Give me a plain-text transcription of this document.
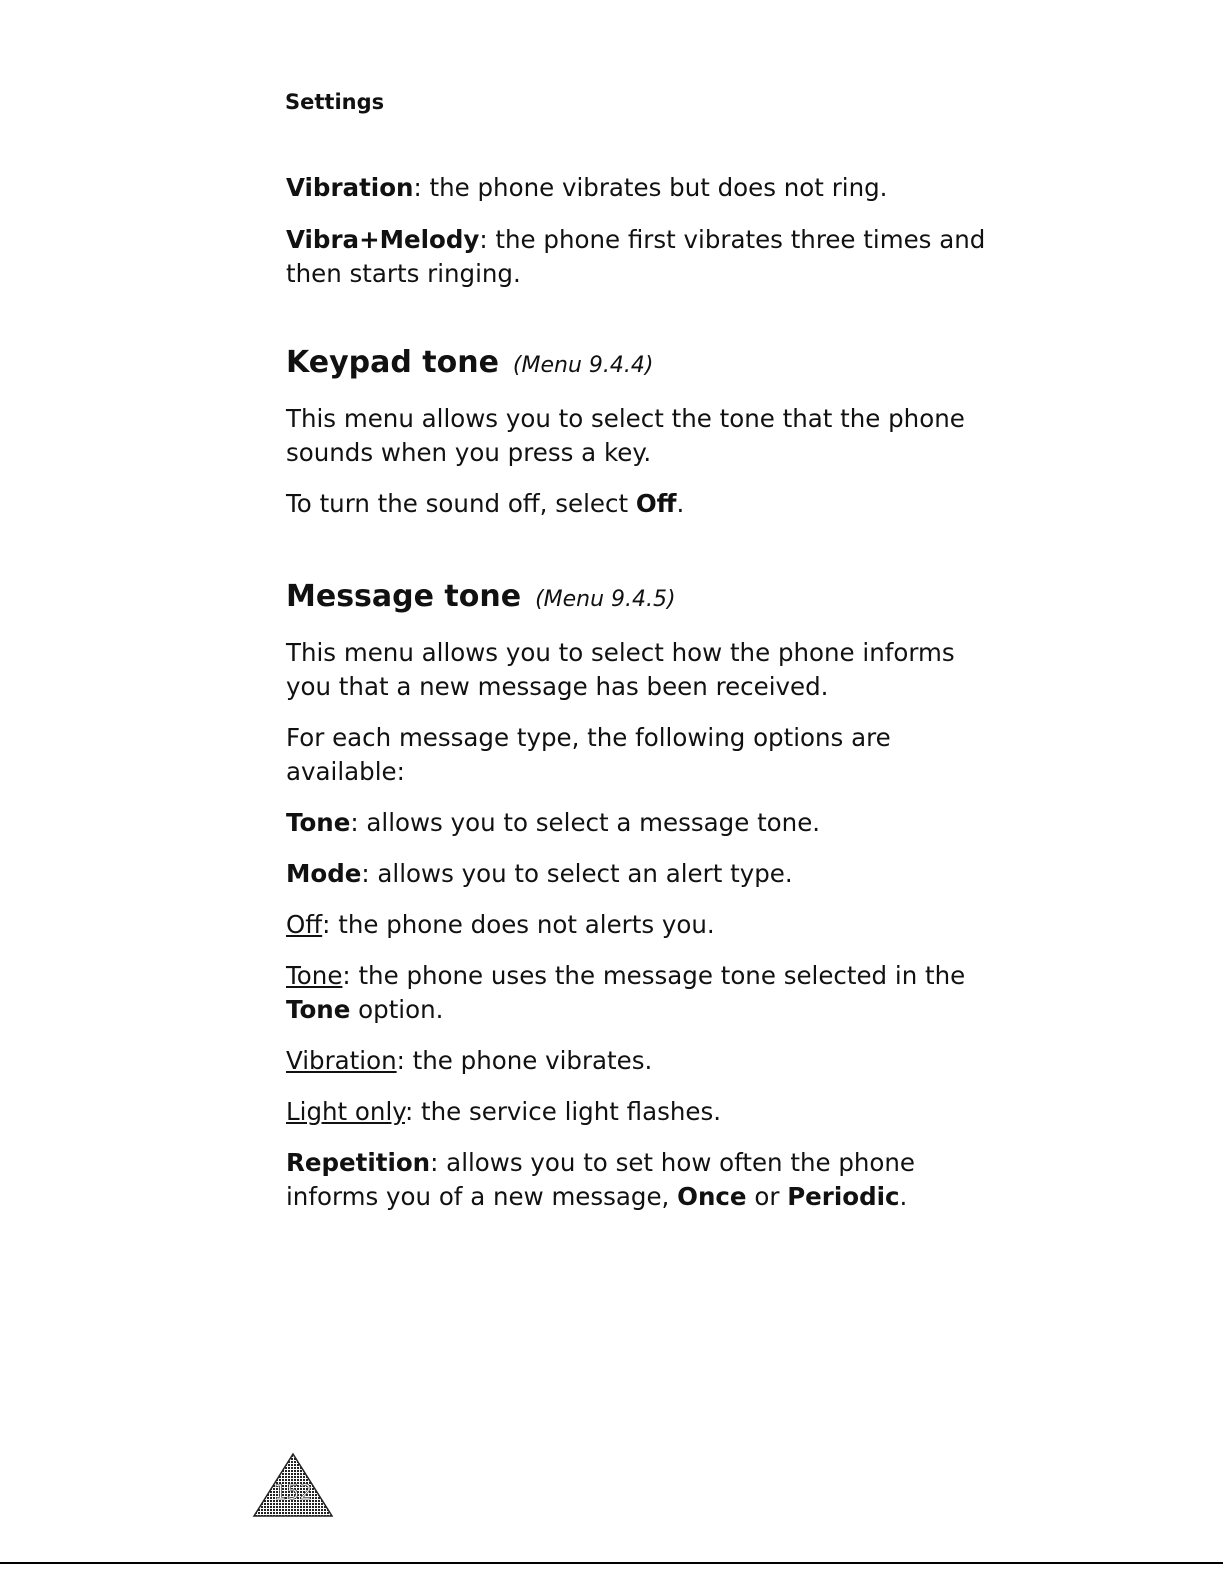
Settings

Vibration: the phone vibrates but does not ring.

Vibra+Melody: the phone first vibrates three times and then starts ringing.

Keypad tone (Menu 9.4.4)

This menu allows you to select the tone that the phone sounds when you press a key.

To turn the sound off, select Off.

Message tone (Menu 9.4.5)

This menu allows you to select how the phone informs you that a new message has been received.

For each message type, the following options are available:

Tone: allows you to select a message tone.

Mode: allows you to select an alert type.

Off: the phone does not alerts you.

Tone: the phone uses the message tone selected in the Tone option.

Vibration: the phone vibrates.

Light only: the service light flashes.

Repetition: allows you to set how often the phone informs you of a new message, Once or Periodic.

152
